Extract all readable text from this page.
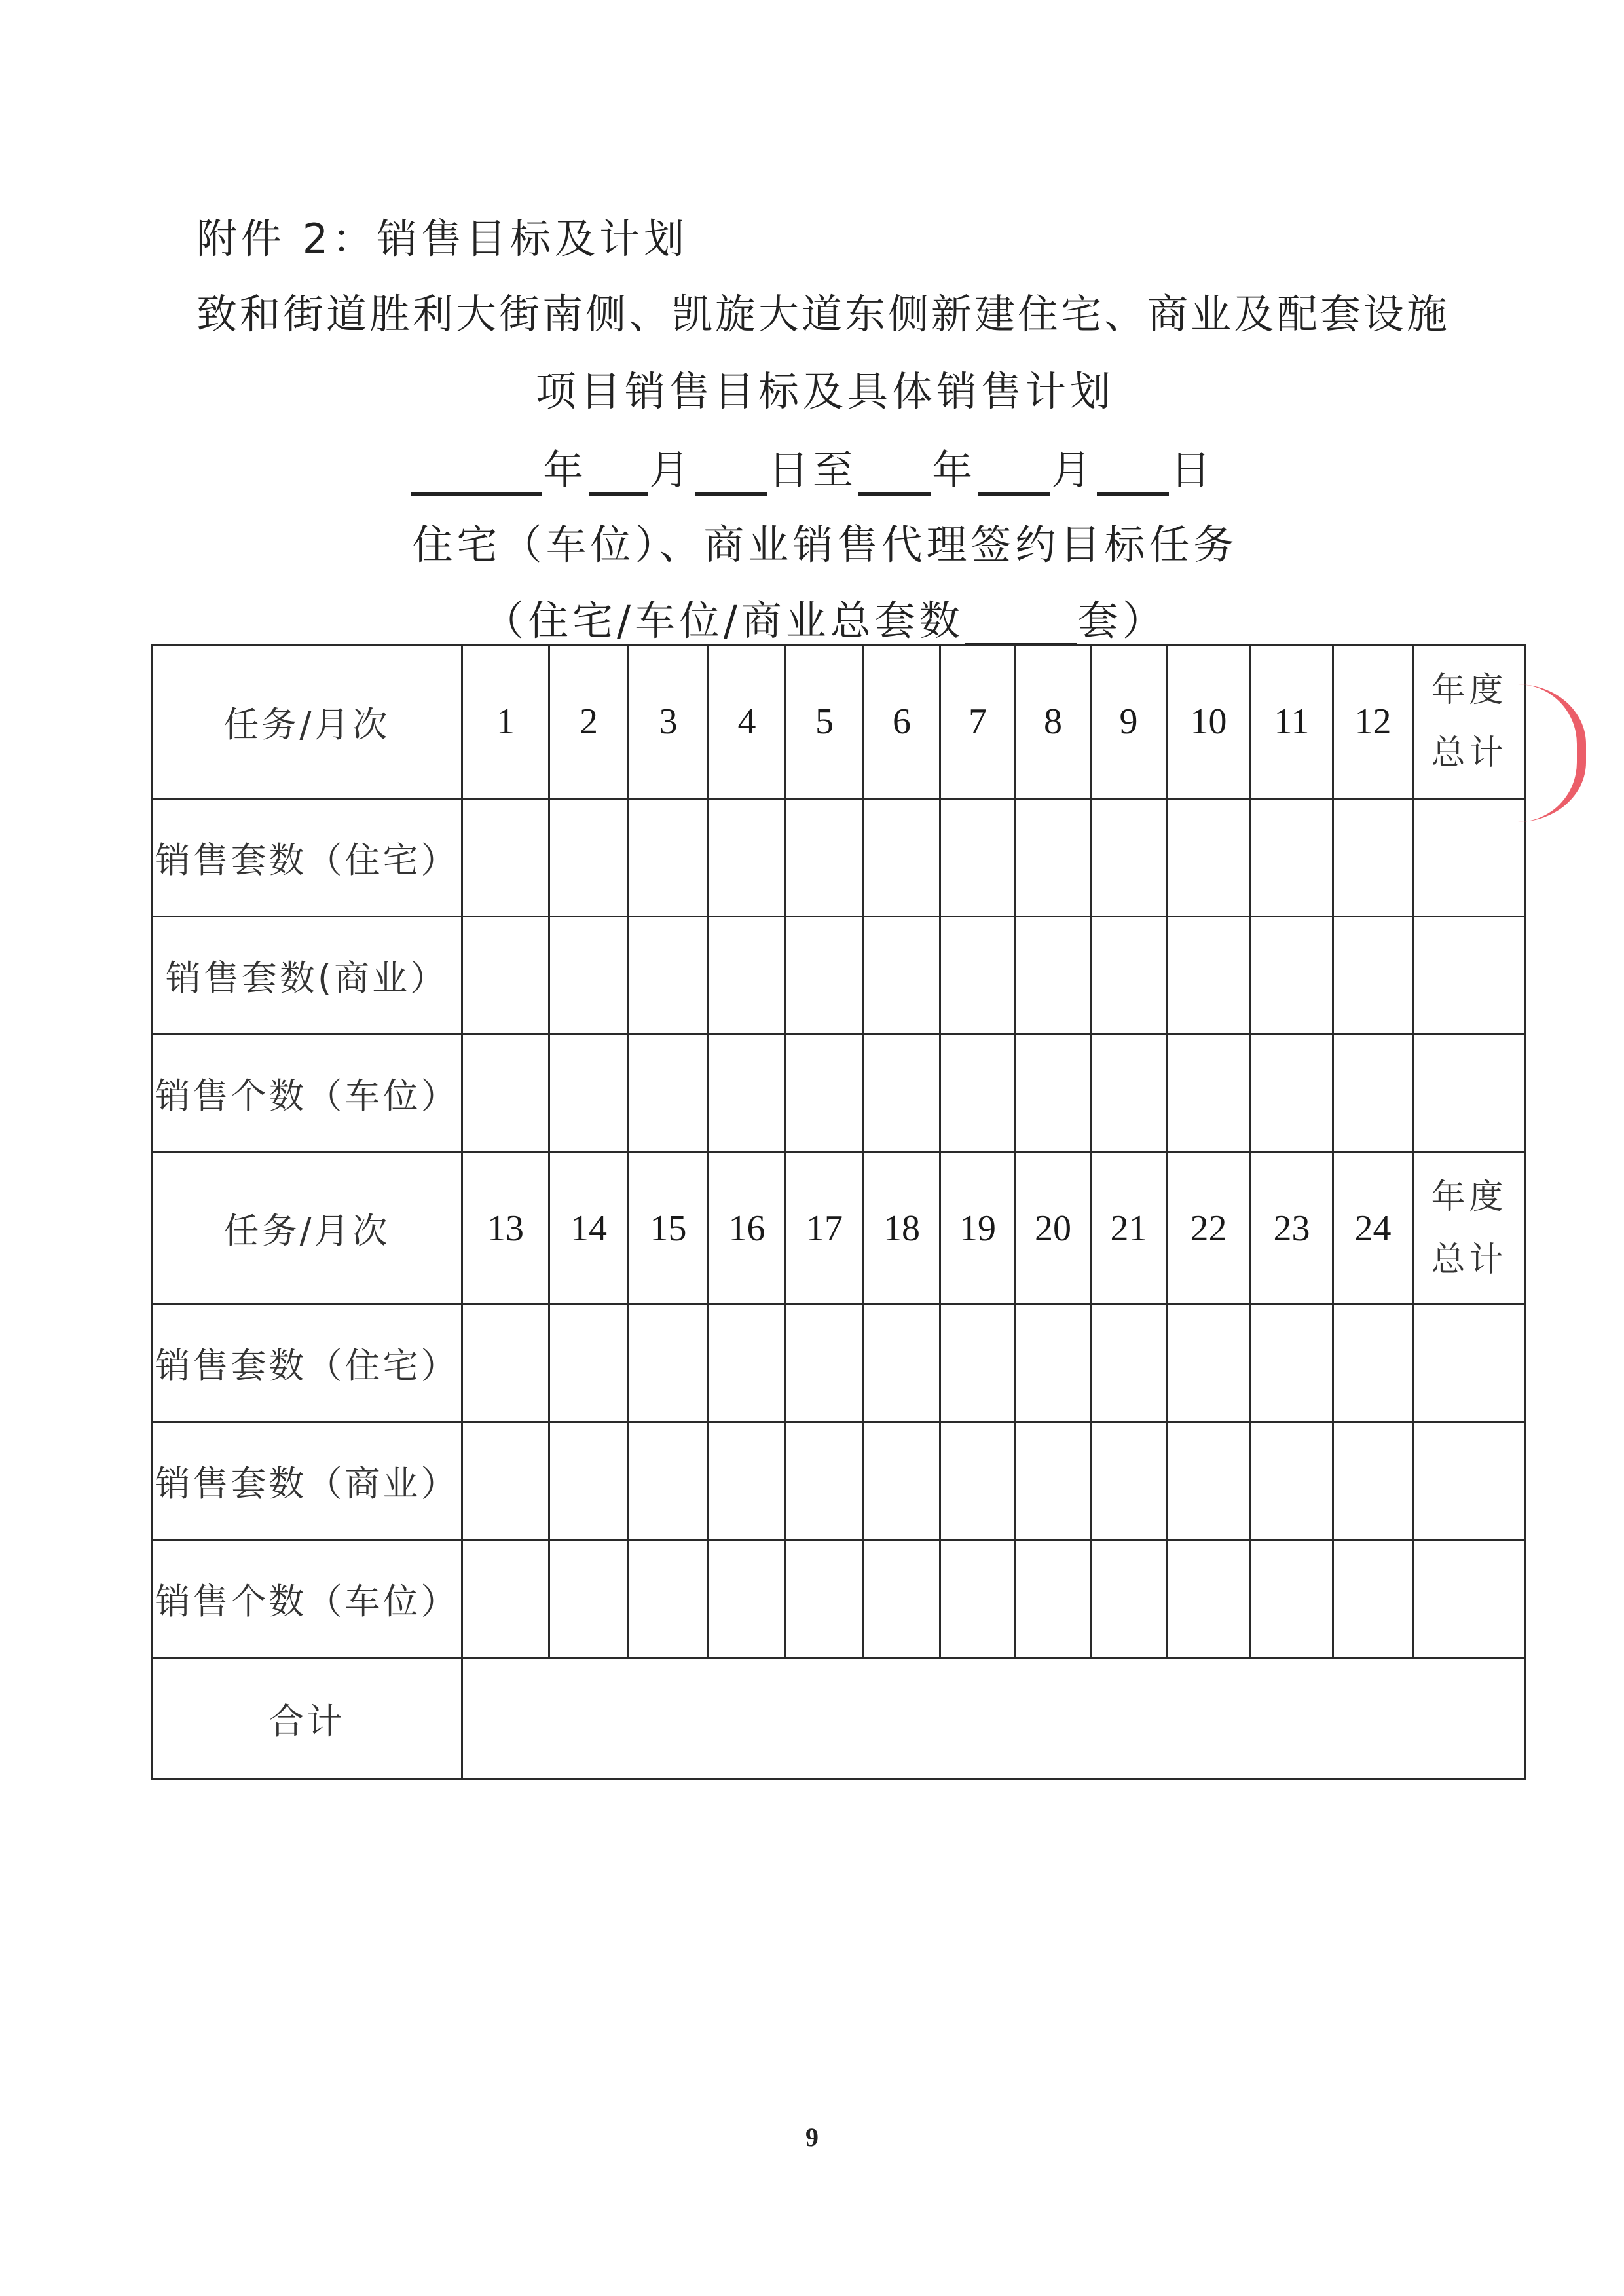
附件 2：销售目标及计划
致和街道胜利大街南侧、凯旋大道东侧新建住宅、商业及配套设施
项目销售目标及具体销售计划
年 月 日至 年 月 日
住宅（车位）、商业销售代理签约目标任务
（住宅/车位/商业总套数	套）
任务/月次	1	2	3	4	5	6	7	8	9	10	11	12	年度
总计

销售套数（住宅）													
销售套数(商业）													
销售个数（车位）													
任务/月次	13	14	15	16	17	18	19	20	21	22	23	24	年度
总计

销售套数（住宅）													
销售套数（商业）													
销售个数（车位）													
合计													
9
